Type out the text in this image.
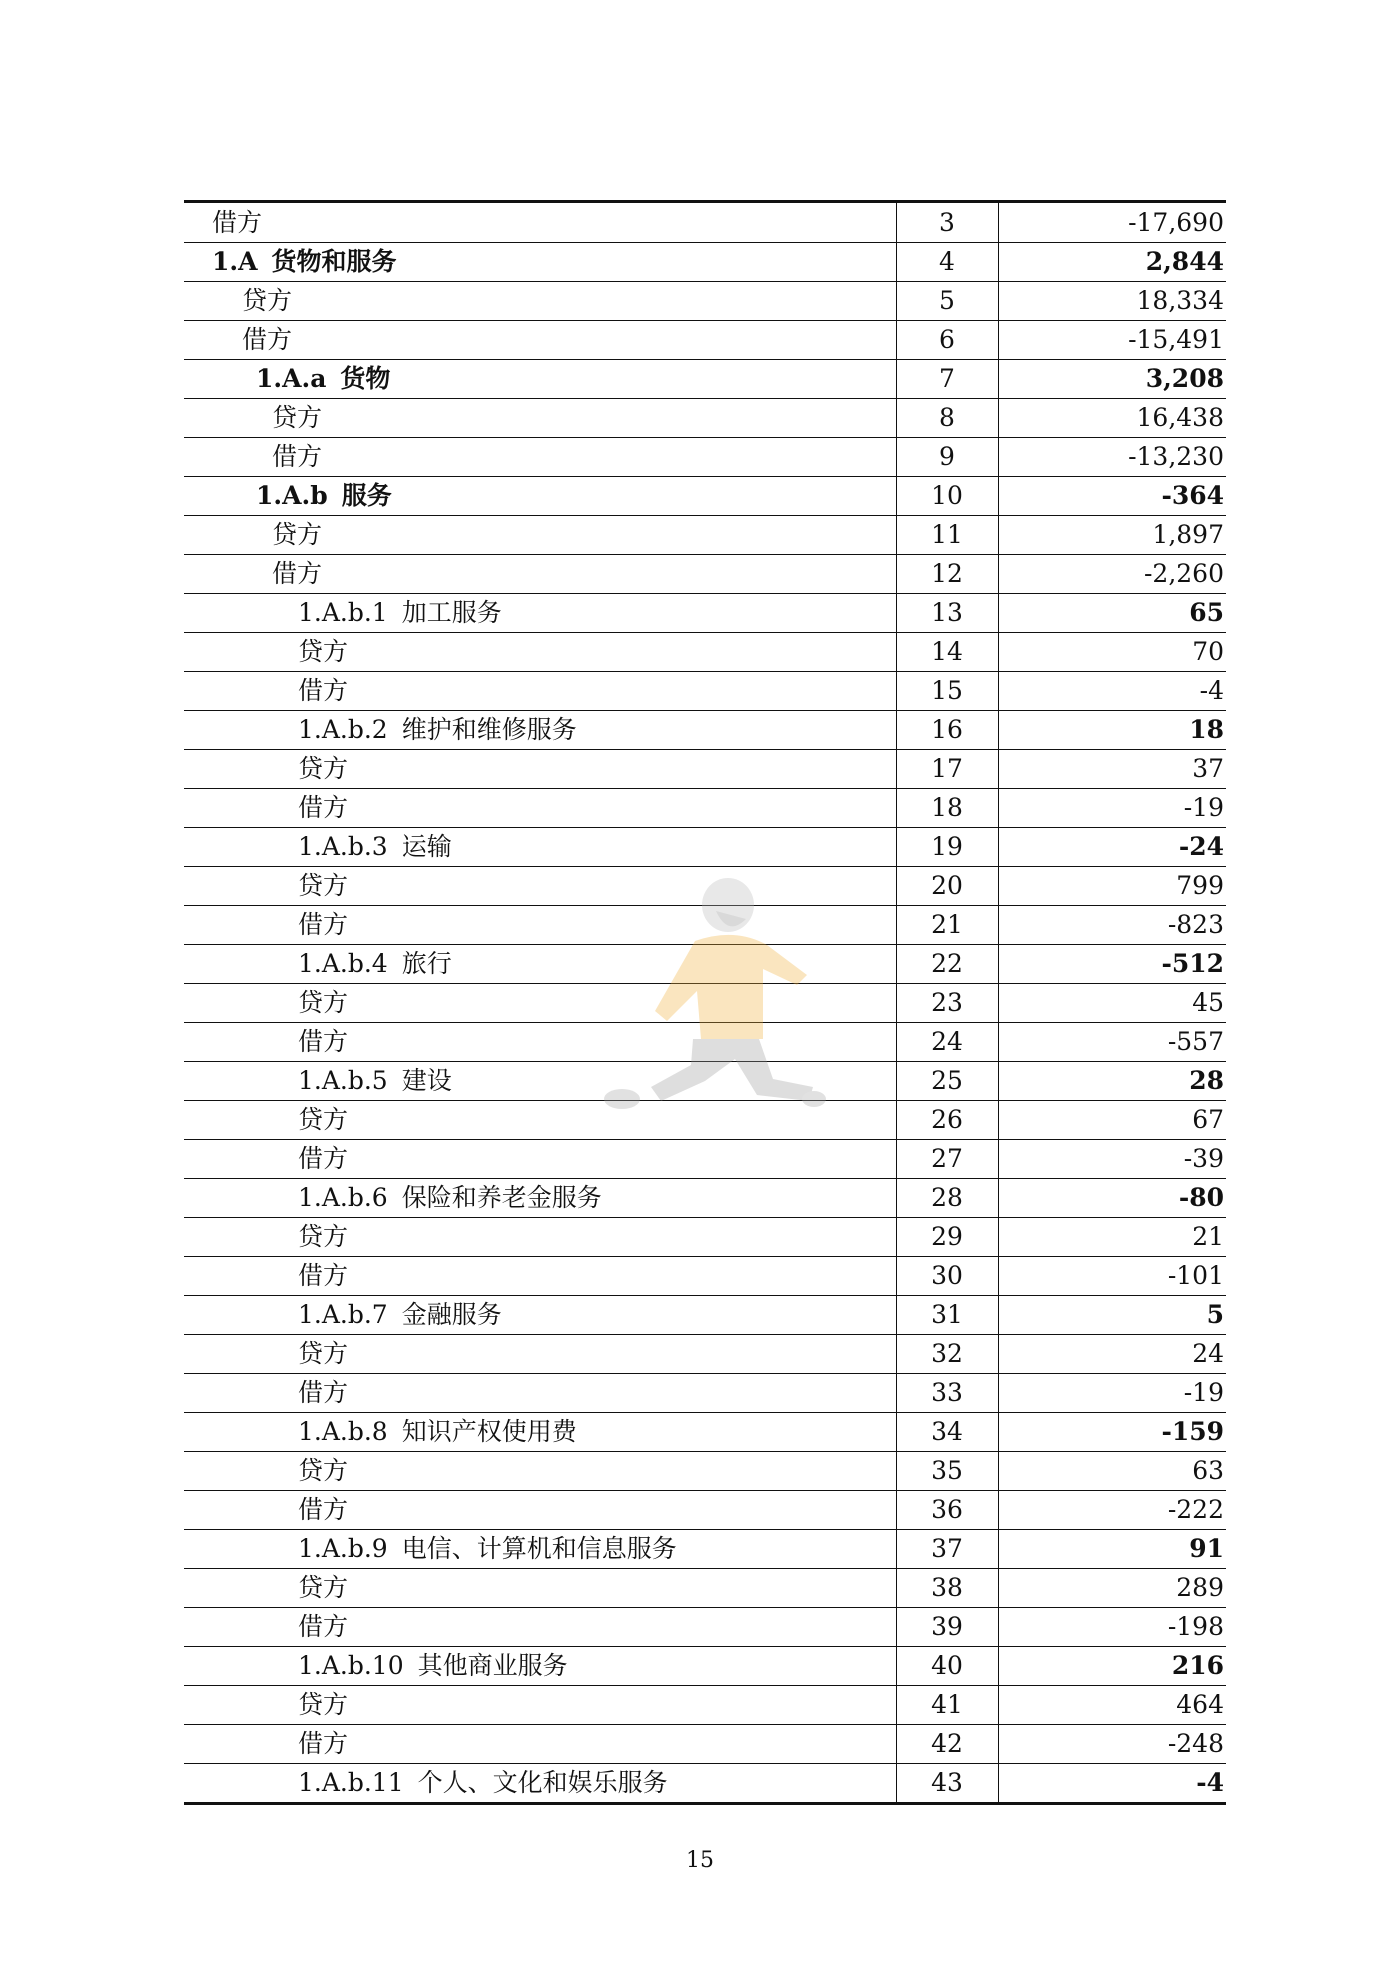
借方	3	-17,690
1.A 货物和服务	4	2,844
贷方	5	18,334
借方	6	-15,491
1.A.a 货物	7	3,208
贷方	8	16,438
借方	9	-13,230
1.A.b 服务	10	-364
贷方	11	1,897
借方	12	-2,260
1.A.b.1 加工服务	13	65
贷方	14	70
借方	15	-4
1.A.b.2 维护和维修服务	16	18
贷方	17	37
借方	18	-19
1.A.b.3 运输	19	-24
贷方	20	799
借方	21	-823
1.A.b.4 旅行	22	-512
贷方	23	45
借方	24	-557
1.A.b.5 建设	25	28
贷方	26	67
借方	27	-39
1.A.b.6 保险和养老金服务	28	-80
贷方	29	21
借方	30	-101
1.A.b.7 金融服务	31	5
贷方	32	24
借方	33	-19
1.A.b.8 知识产权使用费	34	-159
贷方	35	63
借方	36	-222
1.A.b.9 电信、计算机和信息服务	37	91
贷方	38	289
借方	39	-198
1.A.b.10 其他商业服务	40	216
贷方	41	464
借方	42	-248
1.A.b.11 个人、文化和娱乐服务	43	-4
15
